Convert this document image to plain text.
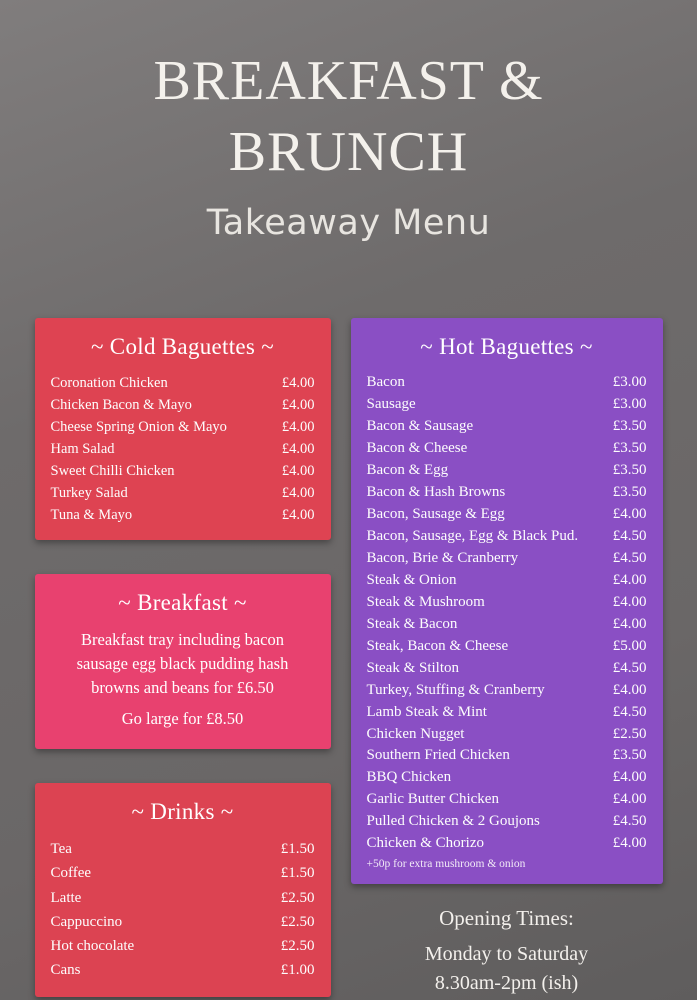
BREAKFAST &
BRUNCH
Takeaway Menu
~ Cold Baguettes ~
Coronation Chicken	£4.00
Chicken Bacon & Mayo	£4.00
Cheese Spring Onion & Mayo	£4.00
Ham Salad	£4.00
Sweet Chilli Chicken	£4.00
Turkey Salad	£4.00
Tuna & Mayo	£4.00
~ Breakfast ~
Breakfast tray including bacon sausage egg black pudding hash browns and beans for £6.50
Go large for £8.50
~ Drinks ~
Tea	£1.50
Coffee	£1.50
Latte	£2.50
Cappuccino	£2.50
Hot chocolate	£2.50
Cans	£1.00
~ Hot Baguettes ~
Bacon	£3.00
Sausage	£3.00
Bacon & Sausage	£3.50
Bacon & Cheese	£3.50
Bacon & Egg	£3.50
Bacon & Hash Browns	£3.50
Bacon, Sausage & Egg	£4.00
Bacon, Sausage, Egg & Black Pud.	£4.50
Bacon, Brie & Cranberry	£4.50
Steak & Onion	£4.00
Steak & Mushroom	£4.00
Steak & Bacon	£4.00
Steak, Bacon & Cheese	£5.00
Steak & Stilton	£4.50
Turkey, Stuffing & Cranberry	£4.00
Lamb Steak & Mint	£4.50
Chicken Nugget	£2.50
Southern Fried Chicken	£3.50
BBQ Chicken	£4.00
Garlic Butter Chicken	£4.00
Pulled Chicken & 2 Goujons	£4.50
Chicken & Chorizo	£4.00
+50p for extra mushroom & onion
Opening Times:
Monday to Saturday
8.30am-2pm (ish)
